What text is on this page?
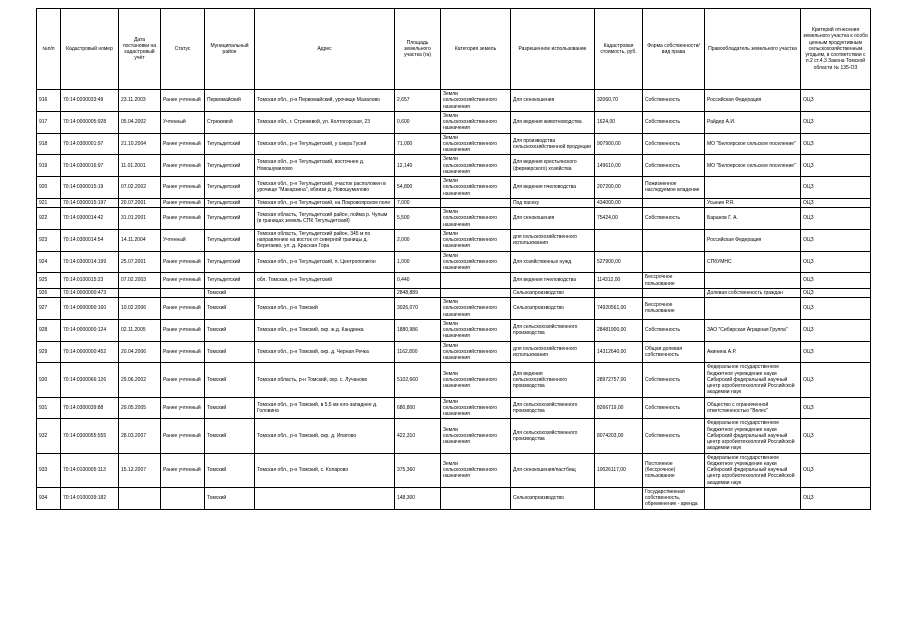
№п/п	Кадастровый номер	Дата постановки на кадастровый учёт	Статус	Муниципальный район	Адрес	Площадь земельного участка (га)	Категория земель	Разрешенное использование	Кадастровая стоимость, руб.	Форма собственности/вид права	Правообладатель земельного участка	Критерий отнесения земельного участка к особо ценным продуктивным сельскохозяйственным угодьям, в соответствии с п.2 ст.4.3 Закона Томской области № 135-ОЗ
916	70:14:0200033:49	23.11.2003	Ранее учтенный	Первомайский	Томская обл., р-н Первомайский, урочище Мазалово	2,657	Земли сельскохозяйственного назначения	Для сенокошения	32060,70	Собственность	Российская Федерация	ОЦЗ
917	70:14:0000005:928	05.04.2002	Учтенный	Стрежевой	Томская обл., г. Стрежевой, ул. Колтогорская, 23	0,600	Земли сельскохозяйственного назначения	Для ведения животноводства	1624,00	Собственность	Райдер А.И.	ОЦЗ
918	70:14:0300001:97	21.10.2004	Ранее учтенный	Тегульдетский	Томская обл., р-н Тегульдетский, у озера Гусей	71,000	Земли сельскохозяйственного назначения	Для производства сельскохозяйственной продукции	907900,00	Собственность	МО "Белоярское сельское поселение"	ОЦЗ
919	70:14:0300016:97	11.01.2001	Ранее учтенный	Тегульдетский	Томская обл., р-н Тегульдетский, восточнее д. Новошумилово	12,140	Земли сельскохозяйственного назначения	Для ведения крестьянского (фермерского) хозяйства	149610,00	Собственность	МО "Белоярское сельское поселение"	ОЦЗ
920	70:14:0300015:19	07.02.2002	Ранее учтенный	Тегульдетский	Томская обл., р-н Тегульдетский, участок расположен в урочище "Макарзина", вблизи д. Новошумилово	54,800	Земли сельскохозяйственного назначения	Для ведения пчеловодства	207200,00	Пожизненное наследуемое владение		ОЦЗ
921	70:14:0300015:197	20.07.2001	Ранее учтенный	Тегульдетский	Томская обл., р-н Тегульдетский, на Покровоярском поле	7,000		Под пасеку	434000,00		Усынин Р.Я.	ОЦЗ
922	70:14:0300014:42	31.01.2001	Ранее учтенный	Тегульдетский	Томская область, Тегульдетский район, пойма р. Чулым (в границах земель СПК Тегульдетский)	5,500	Земли сельскохозяйственного назначения	Для сенокошения	75424,00	Собственность	Баранов Г. А.	ОЦЗ
923	70:14:0300014:54	14.11.2004	Учтенный	Тегульдетский	Томская область, Тегульдетский район, 345 м по направлению на восток от северной границы д. Берегаево, ул. д. Красная Гора	2,000	Земли сельскохозяйственного назначения	для сельскохозяйственного использования			Российская Федерация	ОЦЗ
924	70:14:0300014:199	25.07.2001	Ранее учтенный	Тегульдетский	Томская обл., р-н Тегульдетский, п. Центрополигон	1,000	Земли сельскохозяйственного назначения	Для хозяйственных нужд	527900,00		СПбУМНС	ОЦЗ
925	70:14:0100015:23	07.02.2003	Ранее учтенный	Тегульдетский	обл. Томская, р-н Тегульдетский	0,440		Для ведения пчеловодства	114312,00	Бессрочное пользование		ОЦЗ
926	70:14:0000000:473			Томский		2848,889		Сельхозпроизводство			Долевая собственность граждан	ОЦЗ
927	70:14:0000000:160	10.02.2006	Ранее учтенный	Томский	Томская обл., р-н Томский	3026,070	Земли сельскохозяйственного назначения	Сельхозпроизводство	74920561,00	Бессрочное пользование		ОЦЗ
928	70:14:0000000:124	02.11.2005	Ранее учтенный	Томский	Томская обл., р-н Томский, окр. ж.д. Кандинка	1880,986	Земли сельскохозяйственного назначения	Для сельскохозяйственного производства	28481900,00	Собственность	ЗАО "Сибирская Аграрная Группа"	ОЦЗ
929	70:14:0000000:452	20.04.2006	Ранее учтенный	Томский	Томская обл., р-н Томский, окр. д. Черная Речка	1162,800	Земли сельскохозяйственного назначения	для сельскохозяйственного использования	14312640,00	Общая долевая собственность	Акинина А.Р.	ОЦЗ
930	70:14:0300066:126	29.06.2002	Ранее учтенный	Томский	Томская область, р-н Томский, окр. с. Лучаново	5102,660	Земли сельскохозяйственного назначения	Для ведения сельскохозяйственного производства	28972757,00	Собственность	Федеральное государственное бюджетное учреждение науки Сибирский федеральный научный центр агробиотехнологий Российской академии наук	ОЦЗ
931	70:14:0300039:88	29.05.2005	Ранее учтенный	Томский	Томская обл., р-н Томский, в 5,5 км юго-западнее д. Головина	680,800	Земли сельскохозяйственного назначения	Для сельскохозяйственного производства	8266719,00	Собственность	Общество с ограниченной ответственностью "Велес"	ОЦЗ
932	70:14:0300055:555	28.03.2007	Ранее учтенный	Томский	Томская обл., р-н Томский, окр. д. Ипатово	422,310	Земли сельскохозяйственного назначения	Для сельскохозяйственного производства	8074203,00	Собственность	Федеральное государственное бюджетное учреждение науки Сибирский федеральный научный центр агробиотехнологий Российской академии наук	ОЦЗ
933	70:14:0100005:113	15.12.2007	Ранее учтенный	Томский	Томская обл., р-н Томский, с. Коларово	375,360	Земли сельскохозяйственного назначения	Для сенокошения/пастбищ	10026117,00	Постоянное (бессрочное) пользование	Федеральное государственное бюджетное учреждение науки Сибирский федеральный научный центр агробиотехнологий Российской академии наук	ОЦЗ
934	70:14:0100039:182			Томский		148,300		Сельхозпроизводство		Государственная собственность, обременение - аренда		ОЦЗ
